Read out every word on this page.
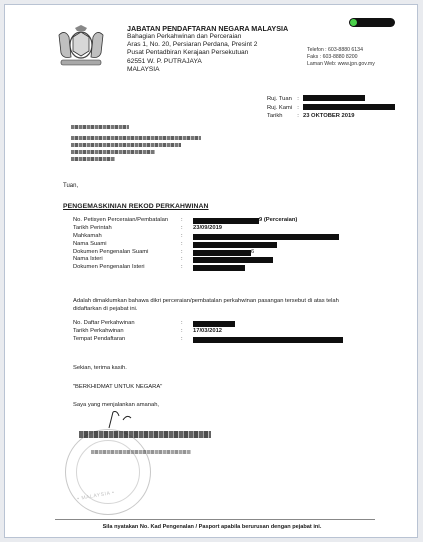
JABATAN PENDAFTARAN NEGARA MALAYSIA
Bahagian Perkahwinan dan Perceraian
Aras 1, No. 20, Persiaran Perdana, Presint 2
Pusat Pentadbiran Kerajaan Persekutuan
62551 W. P. PUTRAJAYA
MALAYSIA
Telefon : 603-8880 6134
Faks : 603-8880 8200
Laman Web: www.jpn.gov.my
Ruj. Tuan :
Ruj. Kami :
Tarikh	: 23 OKTOBER 2019
Tuan,
PENGEMASKINIAN REKOD PERKAHWINAN
No. Petisyen Perceraian/Pembatalan	:	9 (Perceraian)
Tarikh Perintah	:	23/09/2019
Mahkamah	:
Nama Suami	:
Dokumen Pengenalan Suami	:	6
Nama Isteri	:
Dokumen Pengenalan Isteri	:
Adalah dimaklumkan bahawa dikri perceraian/pembatalan perkahwinan pasangan tersebut di atas telah didaftarkan di pejabat ini.
No. Daftar Perkahwinan	:
Tarikh Perkahwinan	:	17/03/2012
Tempat Pendaftaran	:
Sekian, terima kasih.
"BERKHIDMAT UNTUK NEGARA"
Saya yang menjalankan amanah,
• MALAYSIA •
Sila nyatakan No. Kad Pengenalan / Pasport apabila berurusan dengan pejabat ini.
